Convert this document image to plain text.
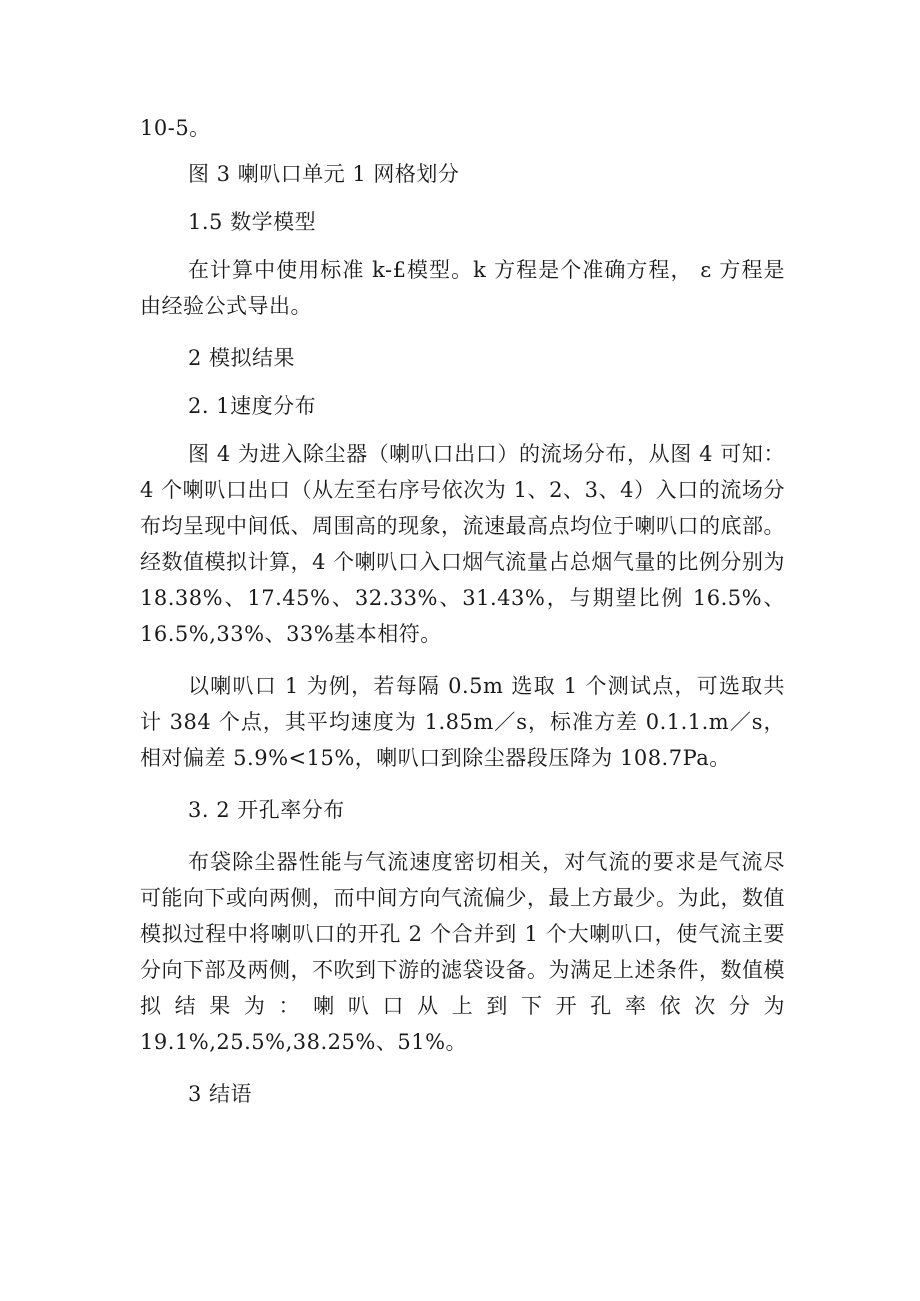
10-5。

图 3 喇叭口单元 1 网格划分

1.5 数学模型

在计算中使用标准 k-£模型。k 方程是个准确方程， ε 方程是由经验公式导出。

2 模拟结果

2. 1速度分布

图 4 为进入除尘器（喇叭口出口）的流场分布，从图 4 可知：4 个喇叭口出口（从左至右序号依次为 1、2、3、4）入口的流场分布均呈现中间低、周围高的现象，流速最高点均位于喇叭口的底部。经数值模拟计算，4 个喇叭口入口烟气流量占总烟气量的比例分别为 18.38%、17.45%、32.33%、31.43%，与期望比例 16.5%、16.5%,33%、33%基本相符。

以喇叭口 1 为例，若每隔 0.5m 选取 1 个测试点，可选取共计 384 个点，其平均速度为 1.85m／s，标准方差 0.1.1.m／s，相对偏差 5.9%<15%，喇叭口到除尘器段压降为 108.7Pa。

3. 2 开孔率分布

布袋除尘器性能与气流速度密切相关，对气流的要求是气流尽可能向下或向两侧，而中间方向气流偏少，最上方最少。为此，数值模拟过程中将喇叭口的开孔 2 个合并到 1 个大喇叭口，使气流主要分向下部及两侧，不吹到下游的滤袋设备。为满足上述条件，数值模拟结果为：喇叭口从上到下开孔率依次分为 19.1%,25.5%,38.25%、51%。

3 结语
